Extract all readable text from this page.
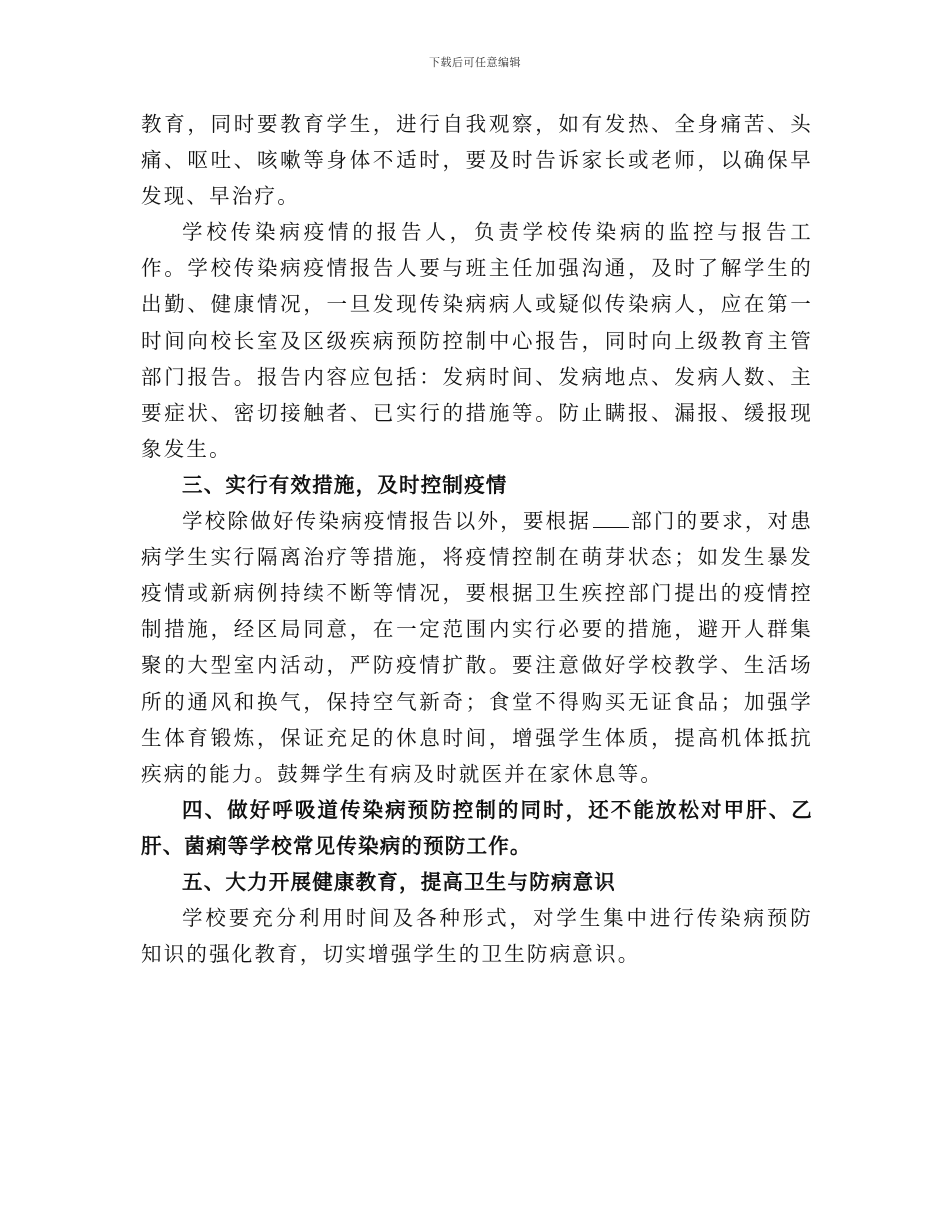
下载后可任意编辑

教育，同时要教育学生，进行自我观察，如有发热、全身痛苦、头痛、呕吐、咳嗽等身体不适时，要及时告诉家长或老师，以确保早发现、早治疗。

学校传染病疫情的报告人，负责学校传染病的监控与报告工作。学校传染病疫情报告人要与班主任加强沟通，及时了解学生的出勤、健康情况，一旦发现传染病病人或疑似传染病人，应在第一时间向校长室及区级疾病预防控制中心报告，同时向上级教育主管部门报告。报告内容应包括：发病时间、发病地点、发病人数、主要症状、密切接触者、已实行的措施等。防止瞒报、漏报、缓报现象发生。

三、实行有效措施，及时控制疫情

学校除做好传染病疫情报告以外，要根据 部门的要求，对患病学生实行隔离治疗等措施，将疫情控制在萌芽状态；如发生暴发疫情或新病例持续不断等情况，要根据卫生疾控部门提出的疫情控制措施，经区局同意，在一定范围内实行必要的措施，避开人群集聚的大型室内活动，严防疫情扩散。要注意做好学校教学、生活场所的通风和换气，保持空气新奇；食堂不得购买无证食品；加强学生体育锻炼，保证充足的休息时间，增强学生体质，提高机体抵抗疾病的能力。鼓舞学生有病及时就医并在家休息等。

四、做好呼吸道传染病预防控制的同时，还不能放松对甲肝、乙肝、菌痢等学校常见传染病的预防工作。

五、大力开展健康教育，提高卫生与防病意识

学校要充分利用时间及各种形式，对学生集中进行传染病预防知识的强化教育，切实增强学生的卫生防病意识。
